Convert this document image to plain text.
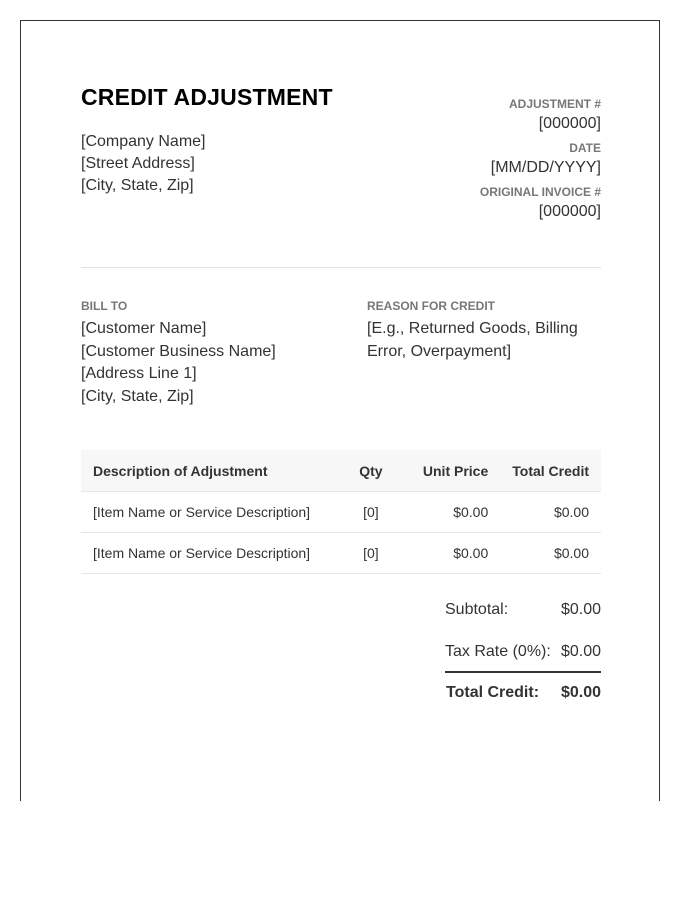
CREDIT ADJUSTMENT
[Company Name]
[Street Address]
[City, State, Zip]
ADJUSTMENT #
[000000]
DATE
[MM/DD/YYYY]
ORIGINAL INVOICE #
[000000]
BILL TO
[Customer Name]
[Customer Business Name]
[Address Line 1]
[City, State, Zip]
REASON FOR CREDIT
[E.g., Returned Goods, Billing Error, Overpayment]
Description of Adjustment	Qty	Unit Price	Total Credit
[Item Name or Service Description]	[0]	$0.00	$0.00
[Item Name or Service Description]	[0]	$0.00	$0.00
Subtotal:	$0.00
Tax Rate (0%): $0.00
Total Credit: $0.00
